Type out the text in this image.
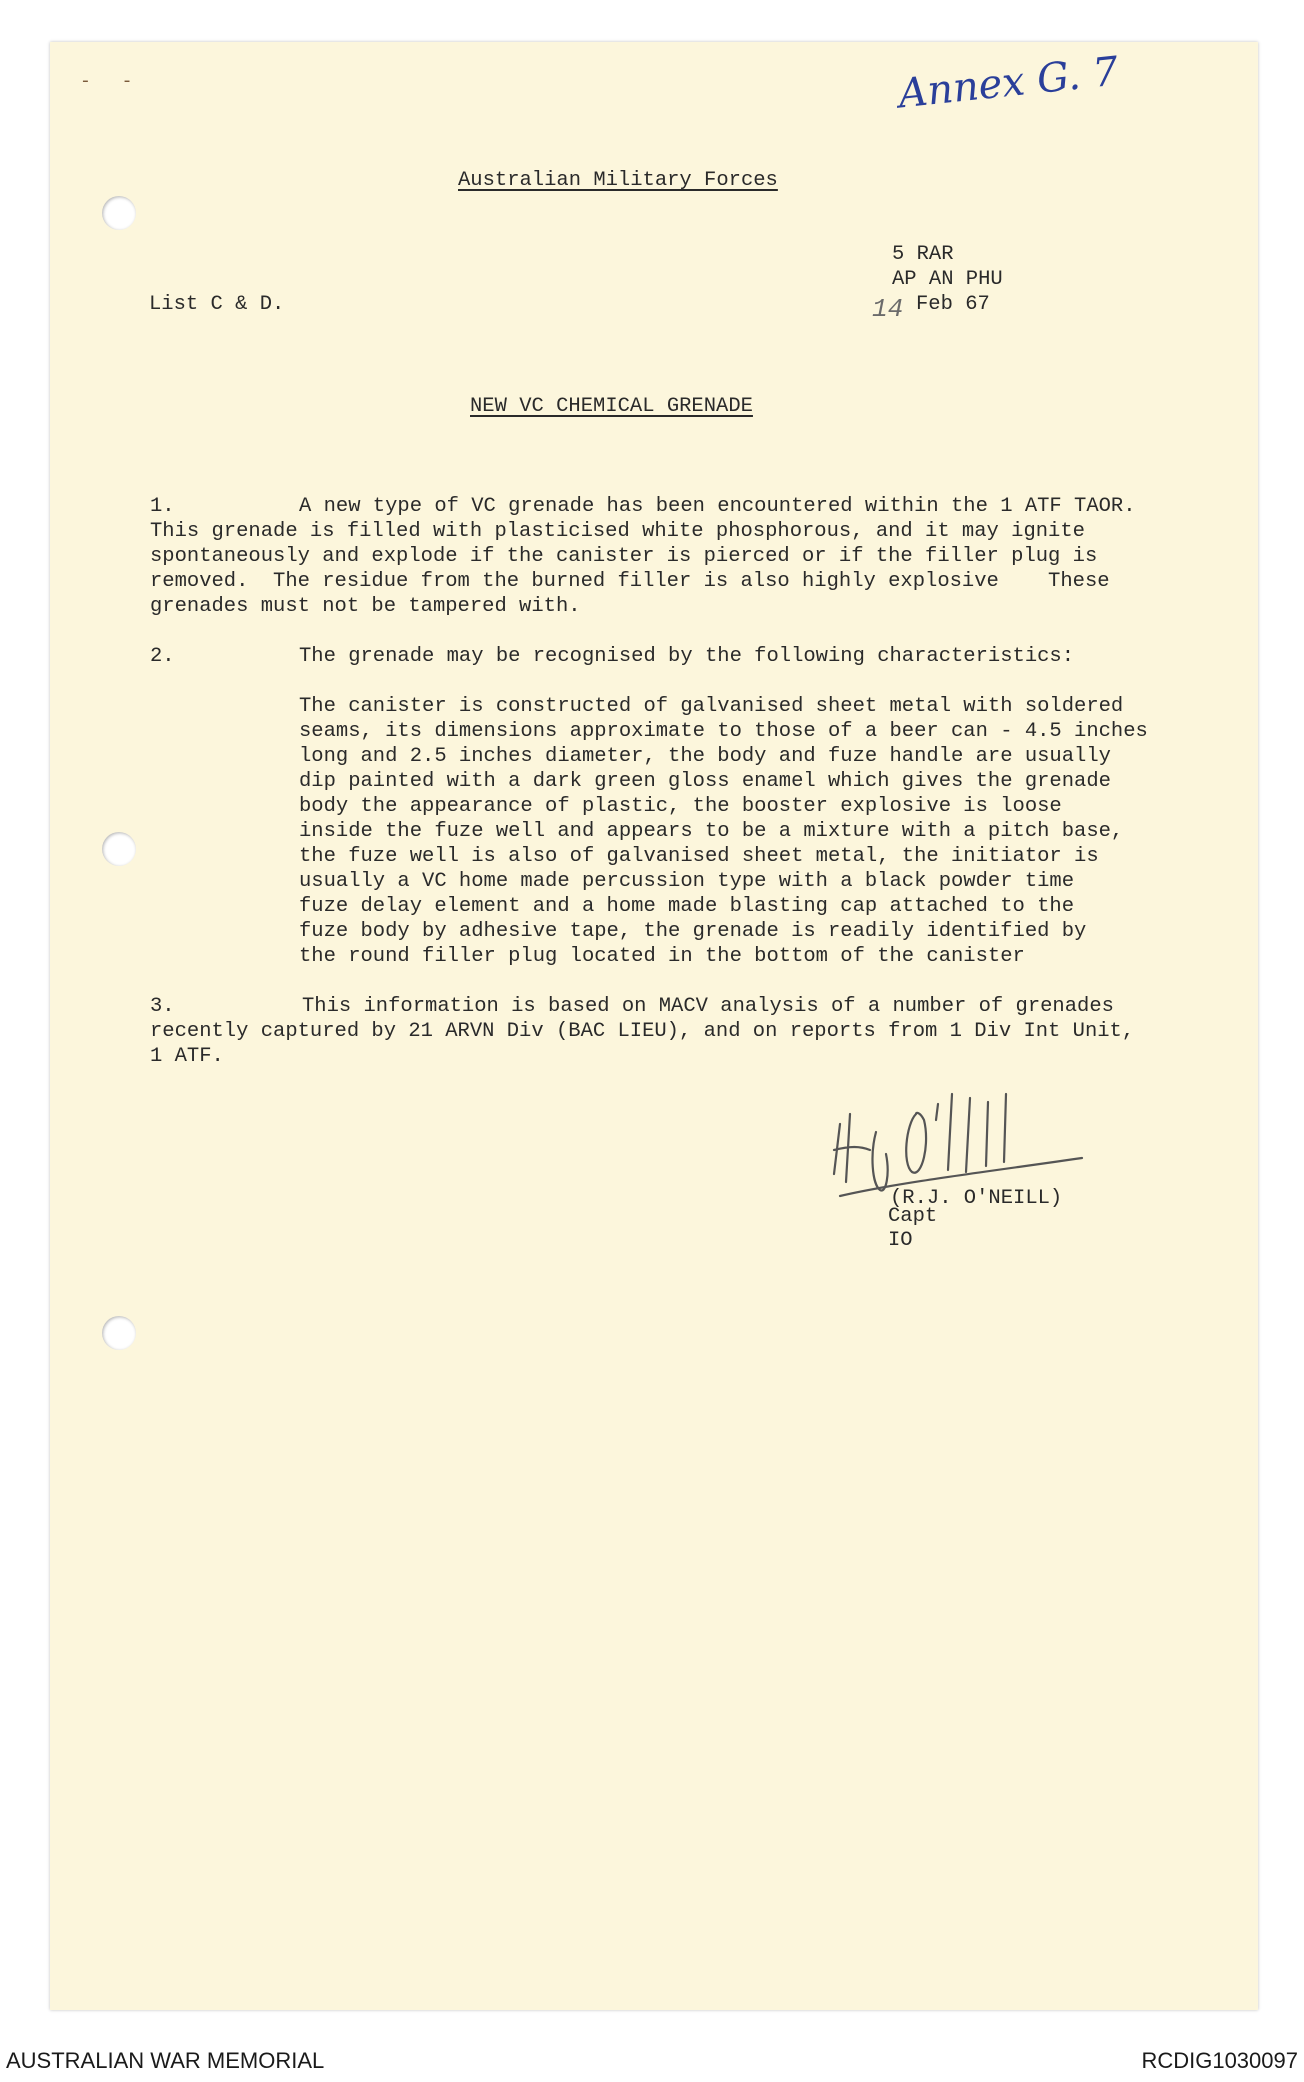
- -	Annex G. 7
Australian Military Forces
5 RAR
AP AN PHU
14 Feb 67
List C & D.
NEW VC CHEMICAL GRENADE
1.	A new type of VC grenade has been encountered within the 1 ATF TAOR.
This grenade is filled with plasticised white phosphorous, and it may ignite
spontaneously and explode if the canister is pierced or if the filler plug is
removed.  The residue from the burned filler is also highly explosive    These
grenades must not be tampered with.
2.	The grenade may be recognised by the following characteristics:
The canister is constructed of galvanised sheet metal with soldered
seams, its dimensions approximate to those of a beer can - 4.5 inches
long and 2.5 inches diameter, the body and fuze handle are usually
dip painted with a dark green gloss enamel which gives the grenade
body the appearance of plastic, the booster explosive is loose
inside the fuze well and appears to be a mixture with a pitch base,
the fuze well is also of galvanised sheet metal, the initiator is
usually a VC home made percussion type with a black powder time
fuze delay element and a home made blasting cap attached to the
fuze body by adhesive tape, the grenade is readily identified by
the round filler plug located in the bottom of the canister
3.	This information is based on MACV analysis of a number of grenades
recently captured by 21 ARVN Div (BAC LIEU), and on reports from 1 Div Int Unit,
1 ATF.
(R.J. O'NEILL)
Capt
IO
AUSTRALIAN WAR MEMORIAL	RCDIG1030097
